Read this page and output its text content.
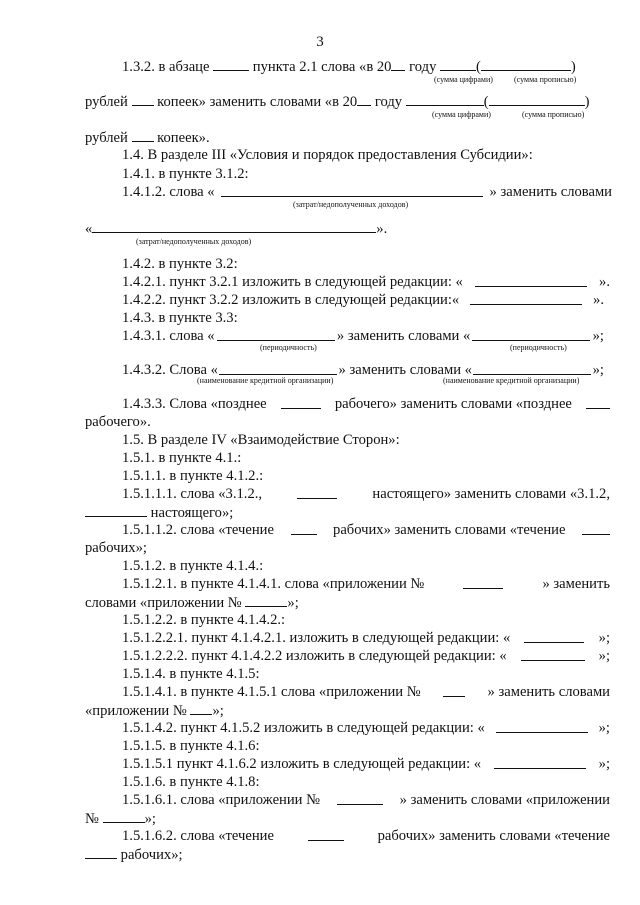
3
1.3.2. в абзаце	пункта 2.1 слова «в 20 году	(	)
(сумма цифрами)	(сумма прописью)
рублей копеек» заменить словами «в 20 году	(	)
(сумма цифрами)	(сумма прописью)
рублей копеек».
1.4. В разделе III «Условия и порядок предоставления Субсидии»:
1.4.1. в пункте 3.1.2:
1.4.1.2. слова «	» заменить словами
(затрат/недополученных доходов)
«	».
(затрат/недополученных доходов)
1.4.2. в пункте 3.2:
1.4.2.1. пункт 3.2.1 изложить в следующей редакции: «	».
1.4.2.2. пункт 3.2.2 изложить в следующей редакции:«	».
1.4.3. в пункте 3.3:
1.4.3.1. слова «	» заменить словами «	»;
(периодичность)	(периодичность)
1.4.3.2. Слова «	» заменить словами «	»;
(наименование кредитной организации)	(наименование кредитной организации)
1.4.3.3. Слова «позднее	рабочего» заменить словами «позднее
рабочего».
1.5. В разделе IV «Взаимодействие Сторон»:
1.5.1. в пункте 4.1.:
1.5.1.1. в пункте 4.1.2.:
1.5.1.1.1. слова «3.1.2.,	настоящего» заменить словами «3.1.2,
настоящего»;
1.5.1.1.2. слова «течение	рабочих» заменить словами «течение
рабочих»;
1.5.1.2. в пункте 4.1.4.:
1.5.1.2.1. в пункте 4.1.4.1. слова «приложении №	» заменить
словами «приложении №	»;
1.5.1.2.2. в пункте 4.1.4.2.:
1.5.1.2.2.1. пункт 4.1.4.2.1. изложить в следующей редакции: «	»;
1.5.1.2.2.2. пункт 4.1.4.2.2 изложить в следующей редакции: «	»;
1.5.1.4. в пункте 4.1.5:
1.5.1.4.1. в пункте 4.1.5.1 слова «приложении №	» заменить словами
«приложении № »;
1.5.1.4.2. пункт 4.1.5.2 изложить в следующей редакции: «	»;
1.5.1.5. в пункте 4.1.6:
1.5.1.5.1 пункт 4.1.6.2 изложить в следующей редакции: «	»;
1.5.1.6. в пункте 4.1.8:
1.5.1.6.1. слова «приложении №	» заменить словами «приложении
№	»;
1.5.1.6.2. слова «течение	рабочих» заменить словами «течение
рабочих»;
